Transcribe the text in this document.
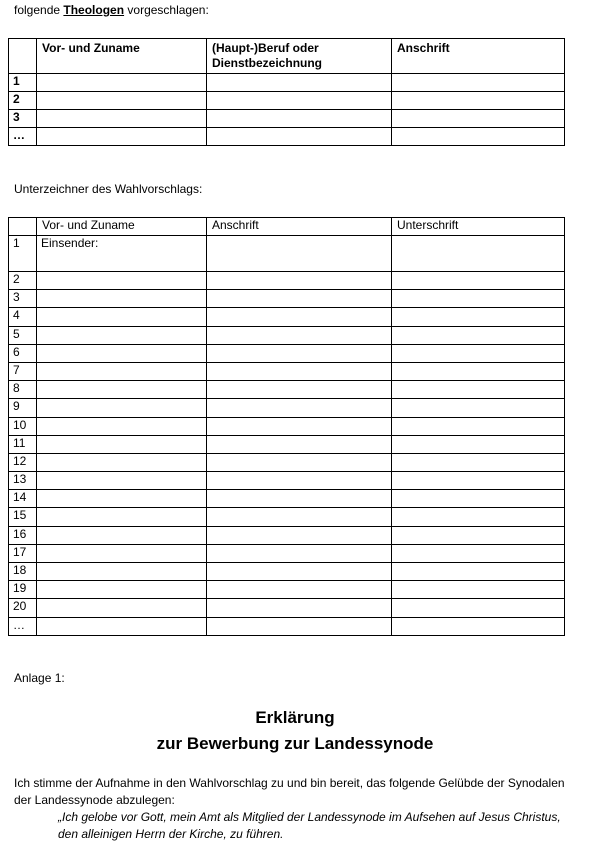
folgende Theologen vorgeschlagen:
	Vor- und Zuname	(Haupt-)Beruf oder Dienstbezeichnung	Anschrift
1			
2			
3			
…			
Unterzeichner des Wahlvorschlags:
	Vor- und Zuname	Anschrift	Unterschrift
1	Einsender:		
2			
3			
4			
5			
6			
7			
8			
9			
10			
11			
12			
13			
14			
15			
16			
17			
18			
19			
20			
…			
Anlage 1:
Erklärung
zur Bewerbung zur Landessynode
Ich stimme der Aufnahme in den Wahlvorschlag zu und bin bereit, das folgende Gelübde der Synodalen der Landessynode abzulegen:
„Ich gelobe vor Gott, mein Amt als Mitglied der Landessynode im Aufsehen auf Jesus Christus, den alleinigen Herrn der Kirche, zu führen.
